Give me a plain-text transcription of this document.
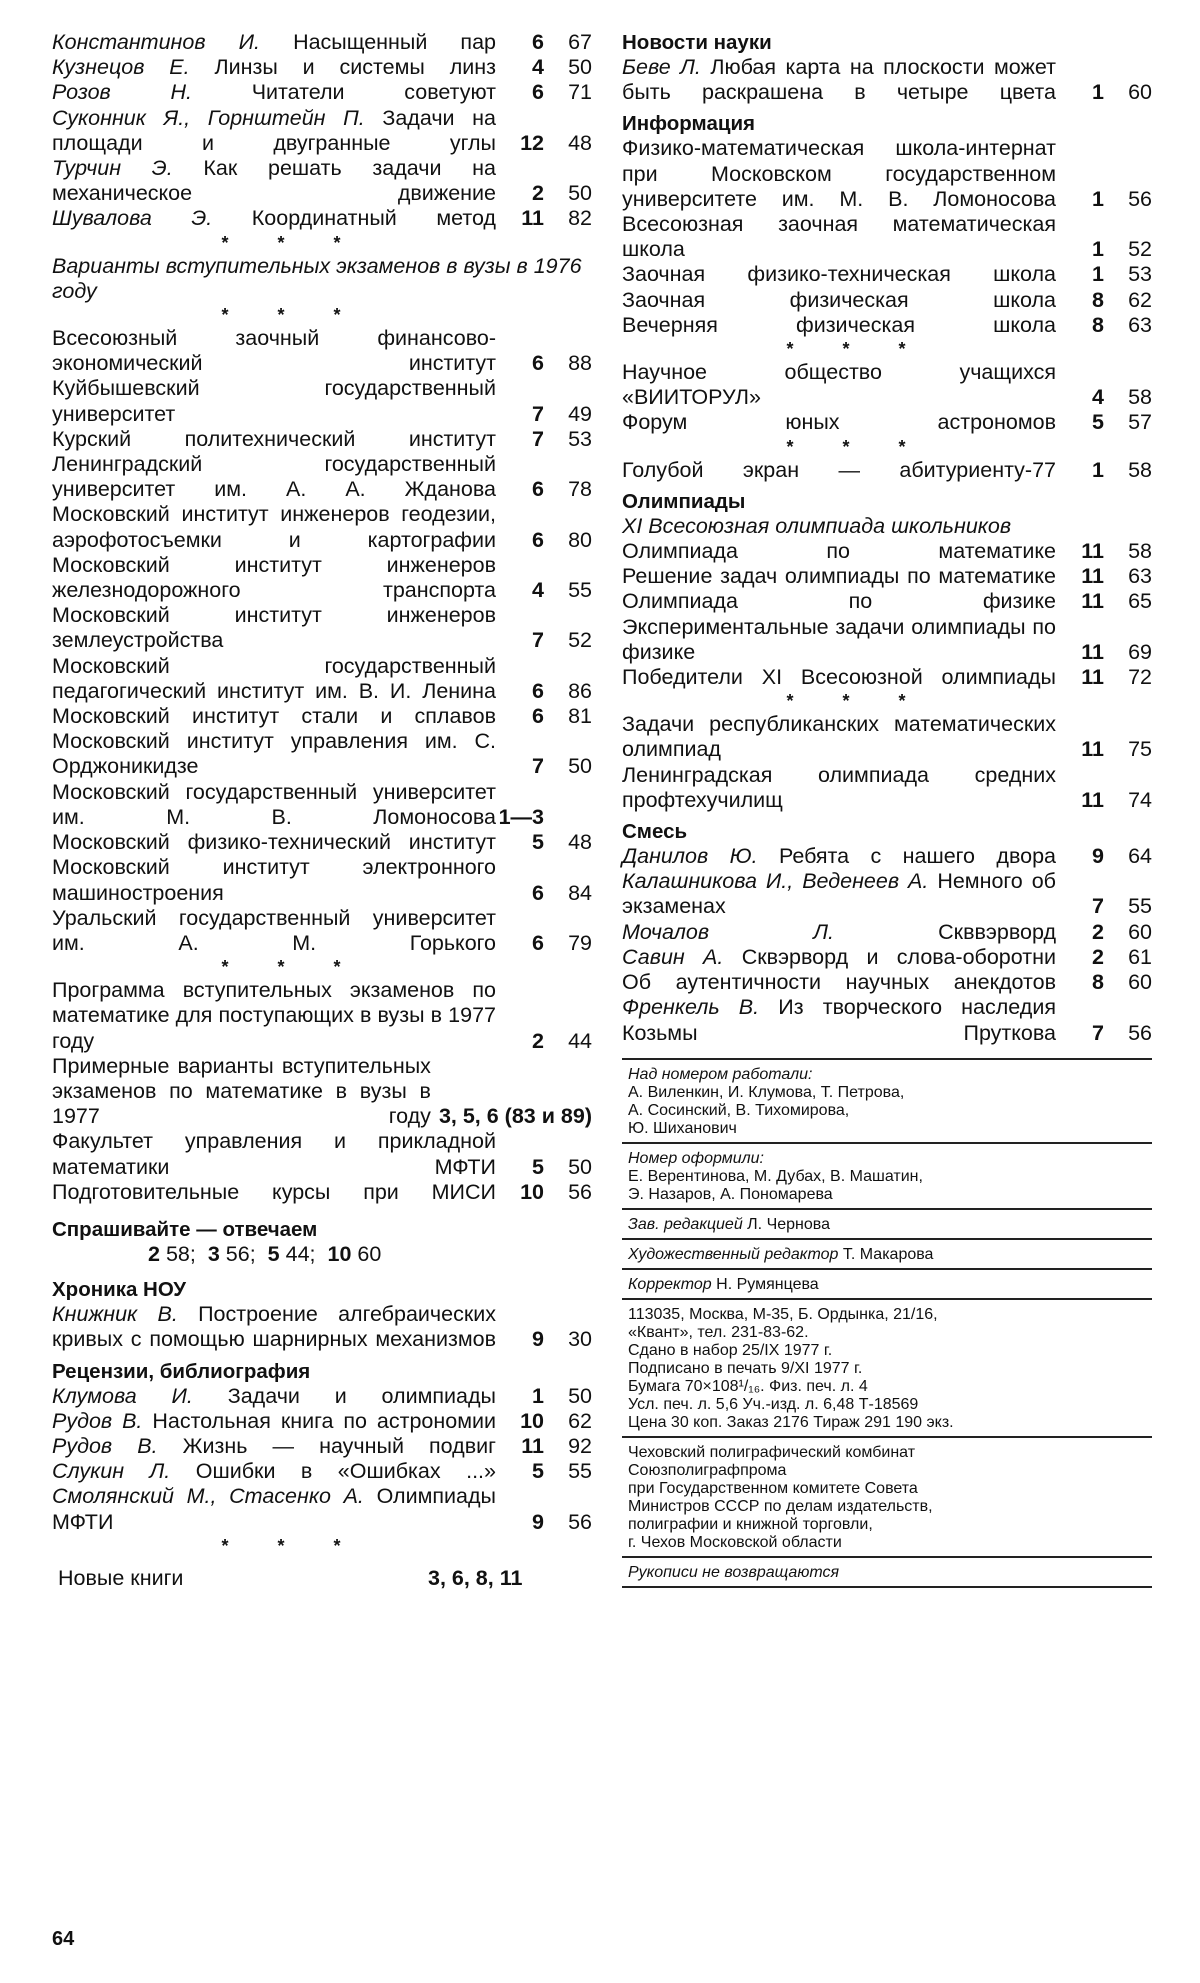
Константинов И. Насыщенный пар	6	67
Кузнецов Е. Линзы и системы линз	4	50
Розов Н.	Читатели советуют	6	71
Суконник Я., Горнштейн П. Задачи на площади и двугранные углы	12	48
Турчин Э. Как решать задачи на механическое движение	2	50
Шувалова Э. Координатный метод	11	82
* * *
Варианты вступительных экзаменов в вузы в 1976 году
* * *
Всесоюзный заочный финансово-экономический институт	6	88
Куйбышевский государственный университет	7	49
Курский политехнический институт	7	53
Ленинградский государственный университет им. А. А. Жданова	6	78
Московский институт инженеров геодезии, аэрофотосъемки и картографии	6	80
Московский институт инженеров железнодорожного транспорта	4	55
Московский институт инженеров землеустройства	7	52
Московский государственный педагогический институт им. В. И. Ленина	6	86
Московский институт стали и сплавов	6	81
Московский институт управления им. С. Орджоникидзе	7	50
Московский государственный университет им. М. В. Ломоносова 1—3
Московский физико-технический институт	5	48
Московский институт электронного машиностроения	6	84
Уральский государственный университет им. А. М. Горького	6	79
* * *
Программа вступительных экзаменов по математике для поступающих в вузы в 1977 году	2	44
Примерные варианты вступительных экзаменов по математике в вузы в 1977 году 3, 5, 6 (83 и 89)
Факультет управления и прикладной математики МФТИ	5	50
Подготовительные курсы при МИСИ	10	56
Спрашивайте — отвечаем
2 58; 3 56; 5 44; 10 60
Хроника НОУ
Книжник В. Построение алгебраических кривых с помощью шарнирных механизмов	9	30
Рецензии, библиография
Клумова И. Задачи и олимпиады	1	50
Рудов В. Настольная книга по астрономии	10	62
Рудов В. Жизнь — научный подвиг	11	92
Слукин Л. Ошибки в «Ошибках ...»	5	55
Смолянский М., Стасенко А. Олимпиады МФТИ	9	56
* * *
Новые книги	3, 6, 8, 11
Новости науки
Беве Л. Любая карта на плоскости может быть раскрашена в четыре цвета	1	60
Информация
Физико-математическая школа-интернат при Московском государственном университете им. М. В. Ломоносова	1	56
Всесоюзная заочная математическая школа	1	52
Заочная физико-техническая школа	1	53
Заочная физическая школа	8	62
Вечерняя физическая школа	8	63
* * *
Научное общество учащихся «ВИИТОРУЛ»	4	58
Форум юных астрономов	5	57
* * *
Голубой экран — абитуриенту-77	1	58
Олимпиады
XI Всесоюзная олимпиада школьников
Олимпиада по математике	11	58
Решение задач олимпиады по математике	11	63
Олимпиада по физике	11	65
Экспериментальные задачи олимпиады по физике	11	69
Победители XI Всесоюзной олимпиады	11	72
* * *
Задачи республиканских математических олимпиад	11	75
Ленинградская олимпиада средних профтехучилищ	11	74
Смесь
Данилов Ю. Ребята с нашего двора	9	64
Калашникова И., Веденеев А. Немного об экзаменах	7	55
Мочалов Л.	Скввэрворд	2	60
Савин А. Сквэрворд и слова-оборотни	2	61
Об аутентичности научных анекдотов	8	60
Френкель В. Из творческого наследия Козьмы Пруткова	7	56
Над номером работали:
А. Виленкин, И. Клумова, Т. Петрова,
А. Сосинский, В. Тихомирова,
Ю. Шиханович
Номер оформили:
Е. Верентинова, М. Дубах, В. Машатин,
Э. Назаров, А. Пономарева
Зав. редакцией Л. Чернова
Художественный редактор Т. Макарова
Корректор Н. Румянцева
113035, Москва, М-35, Б. Ордынка, 21/16,
«Квант», тел. 231-83-62.
Сдано в набор 25/IX 1977 г.
Подписано в печать 9/XI 1977 г.
Бумага 70×108¹/₁₆. Физ. печ. л. 4
Усл. печ. л. 5,6 Уч.-изд. л. 6,48 Т-18569
Цена 30 коп. Заказ 2176 Тираж 291 190 экз.
Чеховский полиграфический комбинат
Союзполиграфпрома
при Государственном комитете Совета
Министров СССР по делам издательств,
полиграфии и книжной торговли,
г. Чехов Московской области
Рукописи не возвращаются
64
